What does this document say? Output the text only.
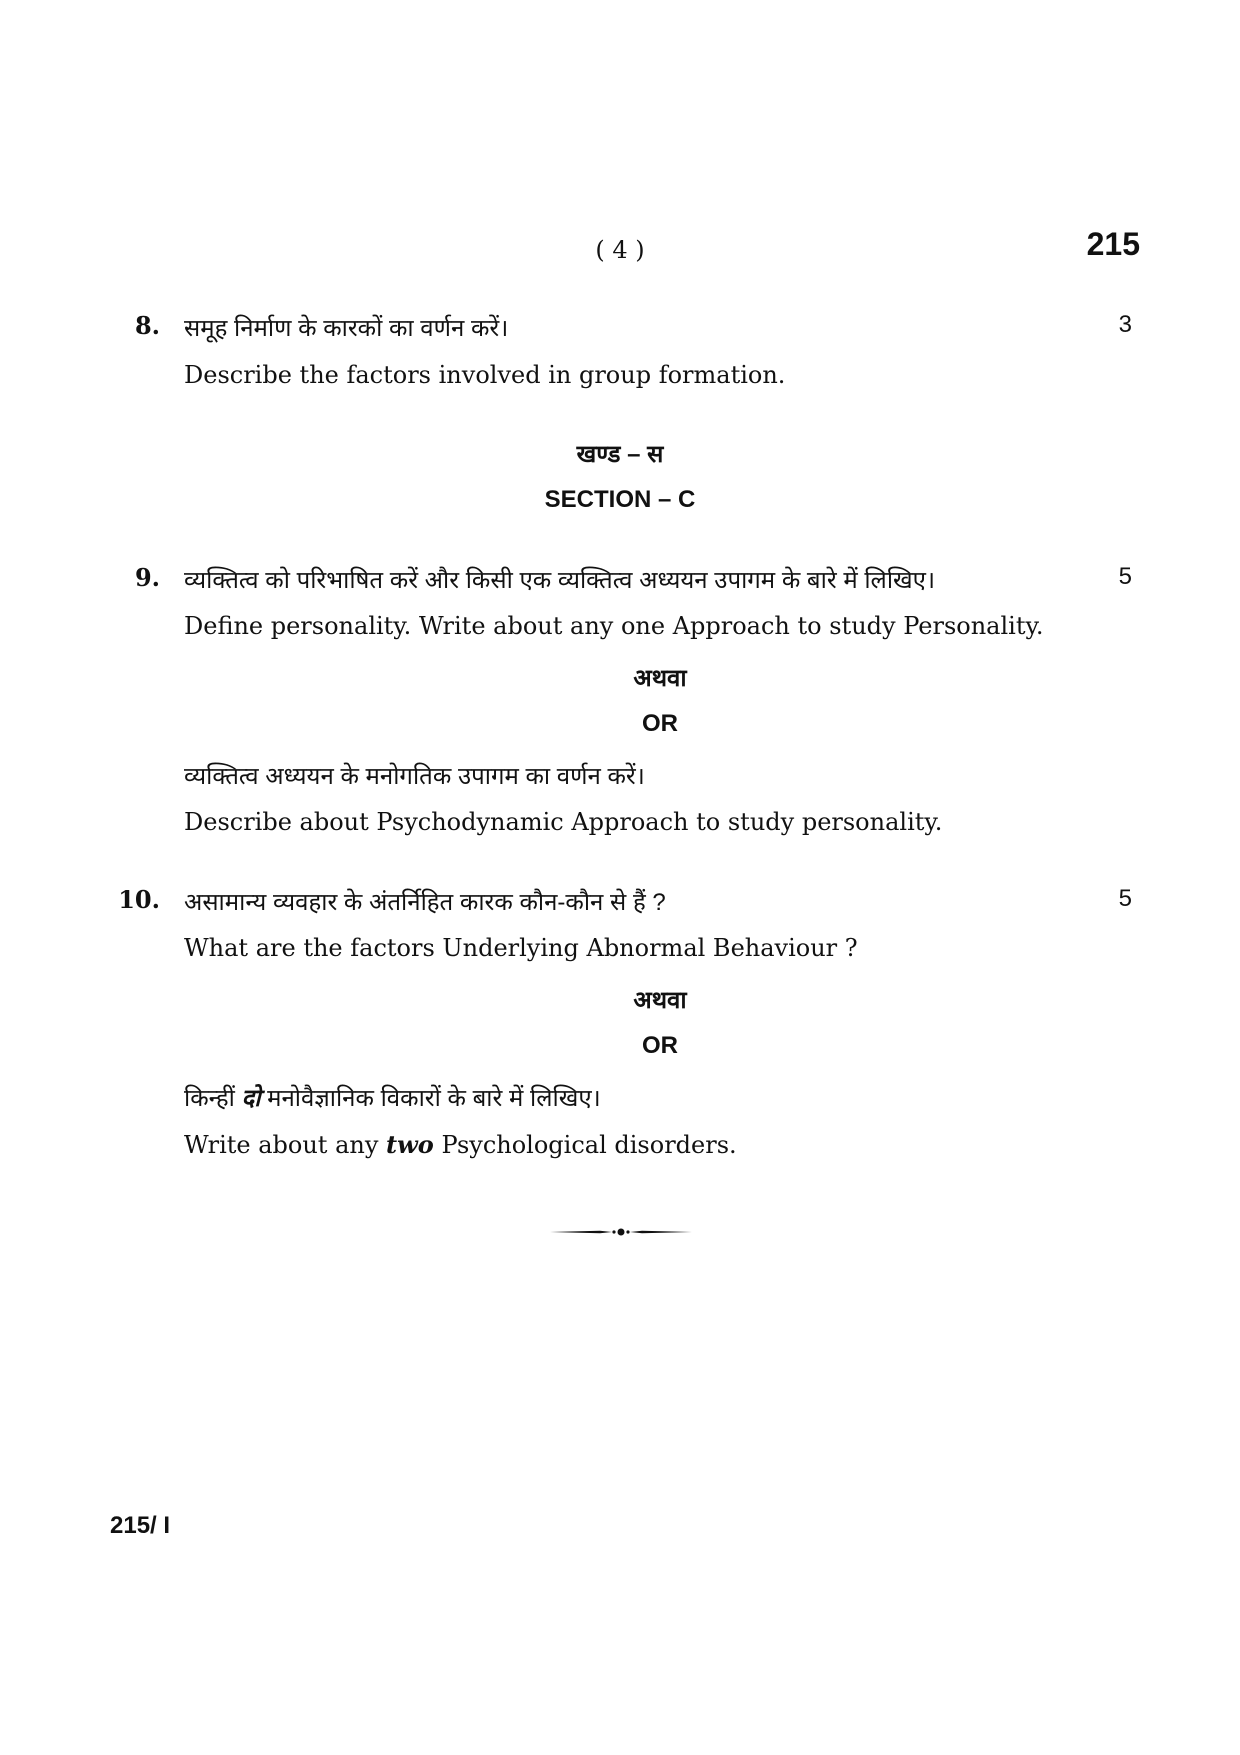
( 4 )	215
8. समूह निर्माण के कारकों का वर्णन करें।	3
Describe the factors involved in group formation.
खण्ड – स
SECTION – C
9. व्यक्तित्व को परिभाषित करें और किसी एक व्यक्तित्व अध्ययन उपागम के बारे में लिखिए।	5
Define personality. Write about any one Approach to study Personality.
अथवा
OR
व्यक्तित्व अध्ययन के मनोगतिक उपागम का वर्णन करें।
Describe about Psychodynamic Approach to study personality.
10. असामान्य व्यवहार के अंतर्निहित कारक कौन-कौन से हैं ?	5
What are the factors Underlying Abnormal Behaviour ?
अथवा
OR
किन्हीं दो मनोवैज्ञानिक विकारों के बारे में लिखिए।
Write about any two Psychological disorders.
215/ I
